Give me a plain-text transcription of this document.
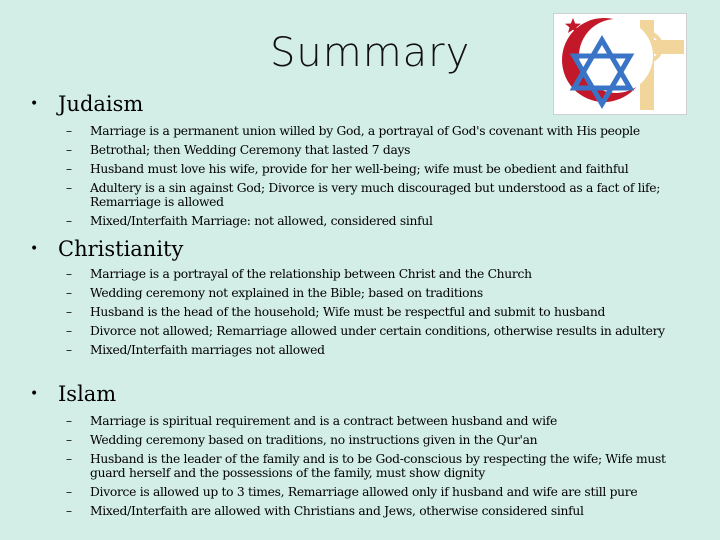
Summary
• Judaism
– Marriage is a permanent union willed by God, a portrayal of God's covenant with His people
– Betrothal; then Wedding Ceremony that lasted 7 days
– Husband must love his wife, provide for her well-being; wife must be obedient and faithful
– Adultery is a sin against God; Divorce is very much discouraged but understood as a fact of life; Remarriage is allowed
– Mixed/Interfaith Marriage: not allowed, considered sinful
• Christianity
– Marriage is a portrayal of the relationship between Christ and the Church
– Wedding ceremony not explained in the Bible; based on traditions
– Husband is the head of the household; Wife must be respectful and submit to husband
– Divorce not allowed; Remarriage allowed under certain conditions, otherwise results in adultery
– Mixed/Interfaith marriages not allowed
• Islam
– Marriage is spiritual requirement and is a contract between husband and wife
– Wedding ceremony based on traditions, no instructions given in the Qur'an
– Husband is the leader of the family and is to be God-conscious by respecting the wife; Wife must guard herself and the possessions of the family, must show dignity
– Divorce is allowed up to 3 times, Remarriage allowed only if husband and wife are still pure
– Mixed/Interfaith are allowed with Christians and Jews, otherwise considered sinful
